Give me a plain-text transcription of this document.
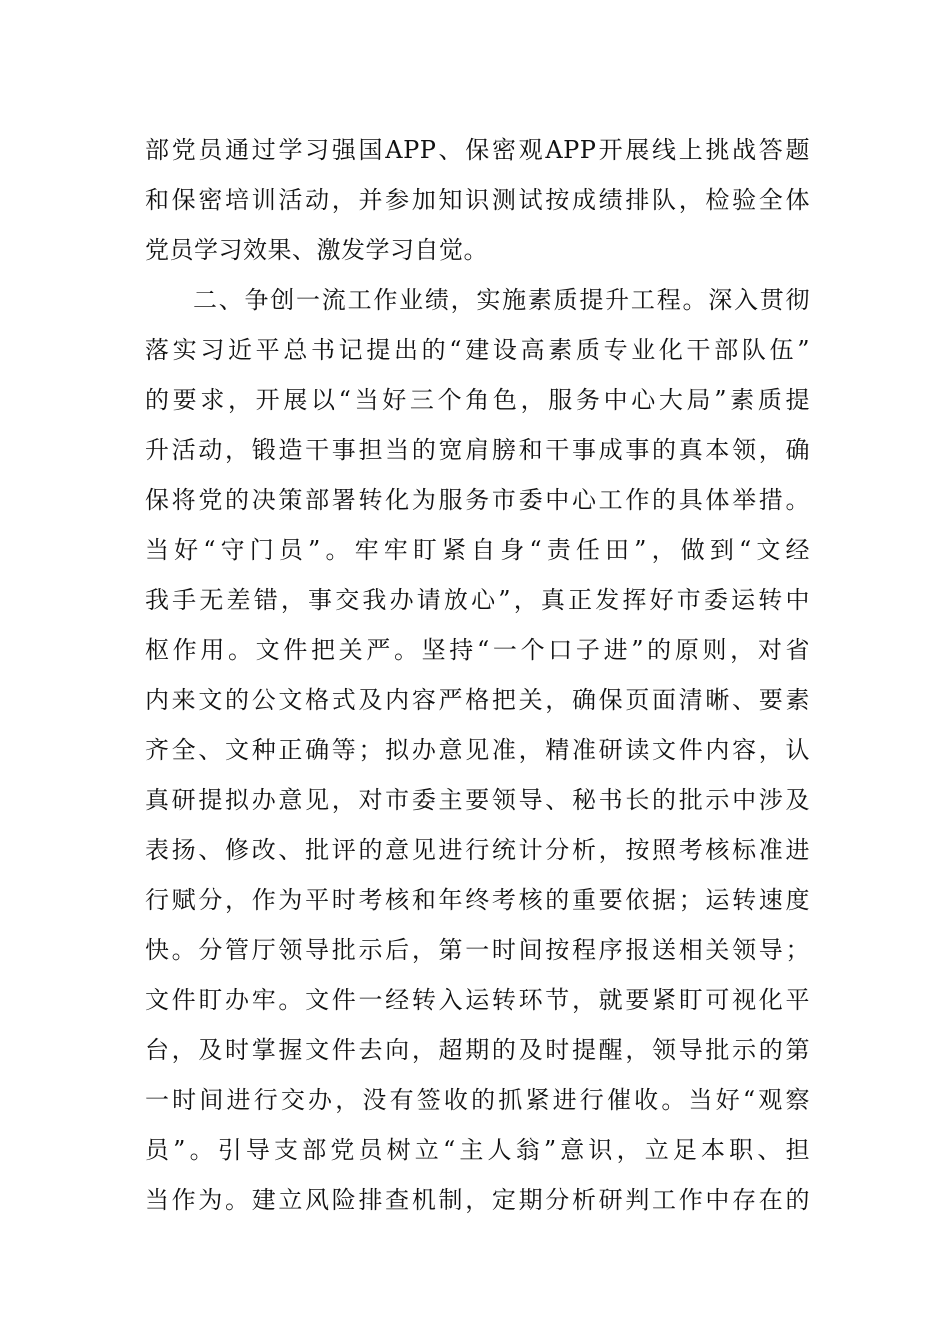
部党员通过学习强国APP、保密观APP开展线上挑战答题
和保密培训活动，并参加知识测试按成绩排队，检验全体
党员学习效果、激发学习自觉。
二、争创一流工作业绩，实施素质提升工程。深入贯彻
落实习近平总书记提出的“建设高素质专业化干部队伍”
的要求，开展以“当好三个角色，服务中心大局”素质提
升活动，锻造干事担当的宽肩膀和干事成事的真本领，确
保将党的决策部署转化为服务市委中心工作的具体举措。
当好“守门员”。牢牢盯紧自身“责任田”，做到“文经
我手无差错，事交我办请放心”，真正发挥好市委运转中
枢作用。文件把关严。坚持“一个口子进”的原则，对省
内来文的公文格式及内容严格把关，确保页面清晰、要素
齐全、文种正确等；拟办意见准，精准研读文件内容，认
真研提拟办意见，对市委主要领导、秘书长的批示中涉及
表扬、修改、批评的意见进行统计分析，按照考核标准进
行赋分，作为平时考核和年终考核的重要依据；运转速度
快。分管厅领导批示后，第一时间按程序报送相关领导；
文件盯办牢。文件一经转入运转环节，就要紧盯可视化平
台，及时掌握文件去向，超期的及时提醒，领导批示的第
一时间进行交办，没有签收的抓紧进行催收。当好“观察
员”。引导支部党员树立“主人翁”意识，立足本职、担
当作为。建立风险排查机制，定期分析研判工作中存在的
